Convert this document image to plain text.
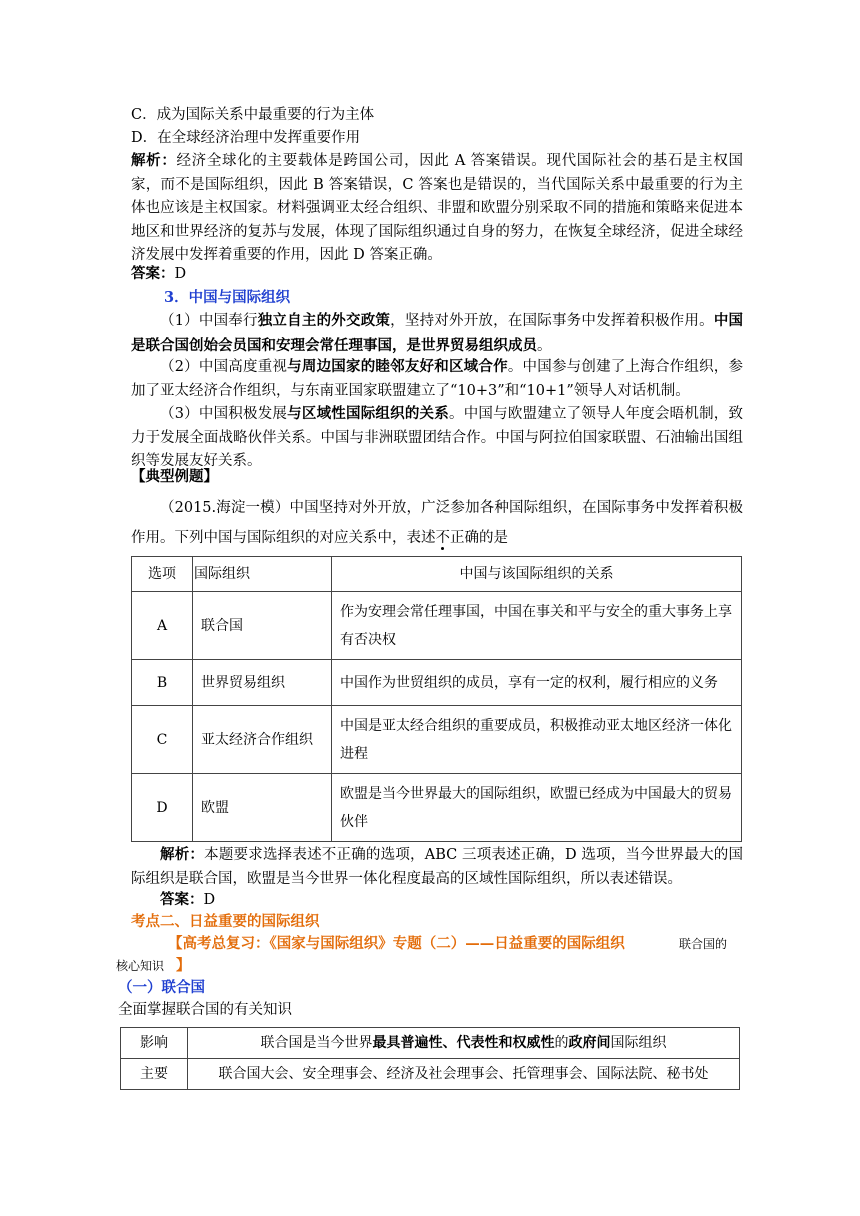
C．成为国际关系中最重要的行为主体
D．在全球经济治理中发挥重要作用
解析：经济全球化的主要载体是跨国公司，因此 A 答案错误。现代国际社会的基石是主权国家，而不是国际组织，因此 B 答案错误，C 答案也是错误的，当代国际关系中最重要的行为主体也应该是主权国家。材料强调亚太经合组织、非盟和欧盟分别采取不同的措施和策略来促进本地区和世界经济的复苏与发展，体现了国际组织通过自身的努力，在恢复全球经济，促进全球经济发展中发挥着重要的作用，因此 D 答案正确。
答案：D
3．中国与国际组织
（1）中国奉行独立自主的外交政策，坚持对外开放，在国际事务中发挥着积极作用。中国是联合国创始会员国和安理会常任理事国，是世界贸易组织成员。
（2）中国高度重视与周边国家的睦邻友好和区域合作。中国参与创建了上海合作组织，参加了亚太经济合作组织，与东南亚国家联盟建立了“10+3”和“10+1”领导人对话机制。
（3）中国积极发展与区域性国际组织的关系。中国与欧盟建立了领导人年度会晤机制，致力于发展全面战略伙伴关系。中国与非洲联盟团结合作。中国与阿拉伯国家联盟、石油输出国组织等发展友好关系。
【典型例题】
（2015.海淀一模）中国坚持对外开放，广泛参加各种国际组织，在国际事务中发挥着积极作用。下列中国与国际组织的对应关系中，表述不正确的是
选项	国际组织	中国与该国际组织的关系
A	联合国	作为安理会常任理事国，中国在事关和平与安全的重大事务上享有否决权
B	世界贸易组织	中国作为世贸组织的成员，享有一定的权利，履行相应的义务
C	亚太经济合作组织	中国是亚太经合组织的重要成员，积极推动亚太地区经济一体化进程
D	欧盟	欧盟是当今世界最大的国际组织，欧盟已经成为中国最大的贸易伙伴
解析：本题要求选择表述不正确的选项，ABC 三项表述正确，D 选项，当今世界最大的国际组织是联合国，欧盟是当今世界一体化程度最高的区域性国际组织，所以表述错误。
答案：D
考点二、日益重要的国际组织
【高考总复习：《国家与国际组织》专题（二）——日益重要的国际组织	联合国的
核心知识 】
（一）联合国
全面掌握联合国的有关知识
影响	联合国是当今世界最具普遍性、代表性和权威性的政府间国际组织
主要	联合国大会、安全理事会、经济及社会理事会、托管理事会、国际法院、秘书处
